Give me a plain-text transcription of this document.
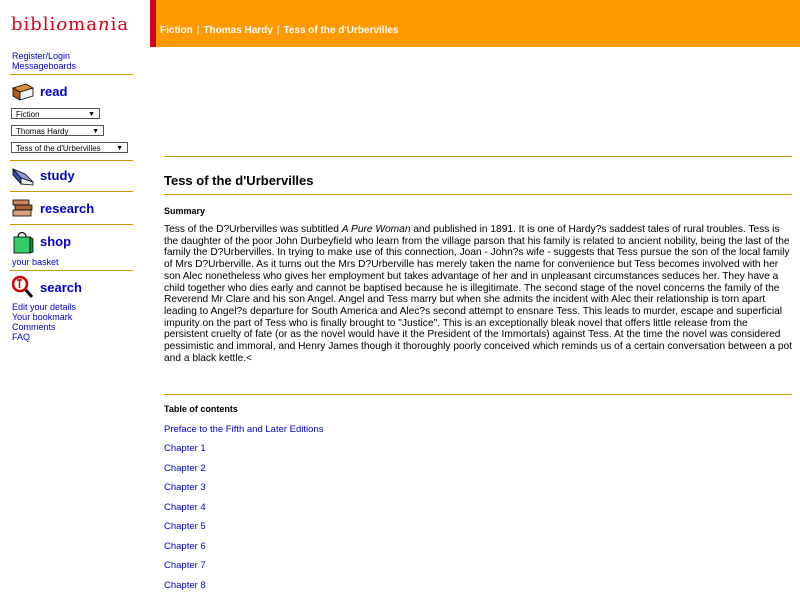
bibliomania	Fiction | Thomas Hardy | Tess of the d'Urbervilles
Register/Login
Messageboards
read
Fiction	▼
Thomas Hardy	▼
Tess of the d'Urbervilles ▼
study
research
shop
your basket
search
Edit your details
Your bookmark
Comments
FAQ
Tess of the d'Urbervilles
Summary
Tess of the D?Urbervilles was subtitled A Pure Woman and published in 1891. It is one of Hardy?s saddest tales of rural troubles. Tess is the daughter of the poor John Durbeyfield who learn from the village parson that his family is related to ancient nobility, being the last of the family the D?Urbervilles. In trying to make use of this connection, Joan - John?s wife - suggests that Tess pursue the son of the local family of Mrs D?Urberville. As it turns out the Mrs D?Urberville has merely taken the name for convenience but Tess becomes involved with her son Alec nonetheless who gives her employment but takes advantage of her and in unpleasant circumstances seduces her. They have a child together who dies early and cannot be baptised because he is illegitimate. The second stage of the novel concerns the family of the Reverend Mr Clare and his son Angel. Angel and Tess marry but when she admits the incident with Alec their relationship is torn apart leading to Angel?s departure for South America and Alec?s second attempt to ensnare Tess. This leads to murder, escape and superficial impurity on the part of Tess who is finally brought to "Justice". This is an exceptionally bleak novel that offers little release from the persistent cruelty of fate (or as the novel would have it the President of the Immortals) against Tess. At the time the novel was considered pessimistic and immoral, and Henry James though it thoroughly poorly conceived which reminds us of a certain conversation between a pot and a black kettle.<
Table of contents
Preface to the Fifth and Later Editions
Chapter 1
Chapter 2
Chapter 3
Chapter 4
Chapter 5
Chapter 6
Chapter 7
Chapter 8
